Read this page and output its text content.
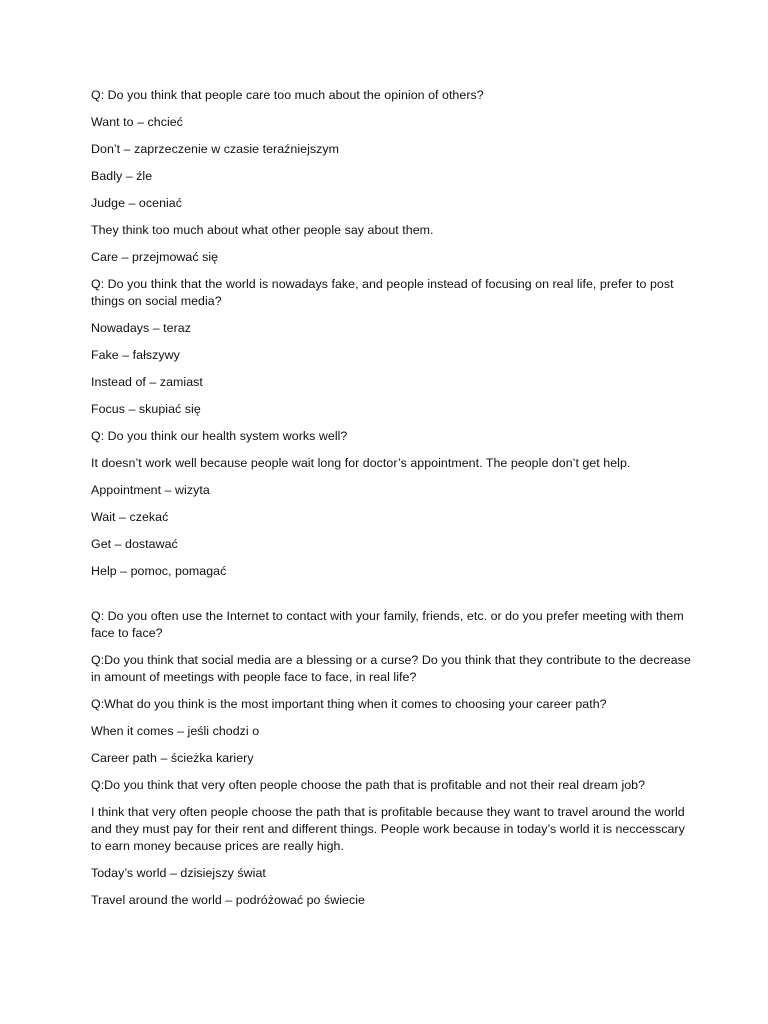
Q: Do you think that people care too much about the opinion of others?

Want to – chcieć

Don’t – zaprzeczenie w czasie teraźniejszym

Badly – źle

Judge – oceniać

They think too much about what other people say about them.

Care – przejmować się

Q: Do you think that the world is nowadays fake, and people instead of focusing on real life, prefer to post things on social media?

Nowadays – teraz

Fake – fałszywy

Instead of – zamiast

Focus – skupiać się

Q: Do you think our health system works well?

It doesn’t work well because people wait long for doctor’s appointment. The people don’t get help.

Appointment – wizyta

Wait – czekać

Get – dostawać

Help – pomoc, pomagać

Q: Do you often use the Internet to contact with your family, friends, etc. or do you prefer meeting with them face to face?

Q:Do you think that social media are a blessing or a curse? Do you think that they contribute to the decrease in amount of meetings with people face to face, in real life?

Q:What do you think is the most important thing when it comes to choosing your career path?

When it comes – jeśli chodzi o

Career path – ścieżka kariery

Q:Do you think that very often people choose the path that is profitable and not their real dream job?

I think that very often people choose the path that is profitable because they want to travel around the world and they must pay for their rent and different things. People work because in today’s world it is neccesscary to earn money because prices are really high.

Today’s world – dzisiejszy świat

Travel around the world – podróżować po świecie
